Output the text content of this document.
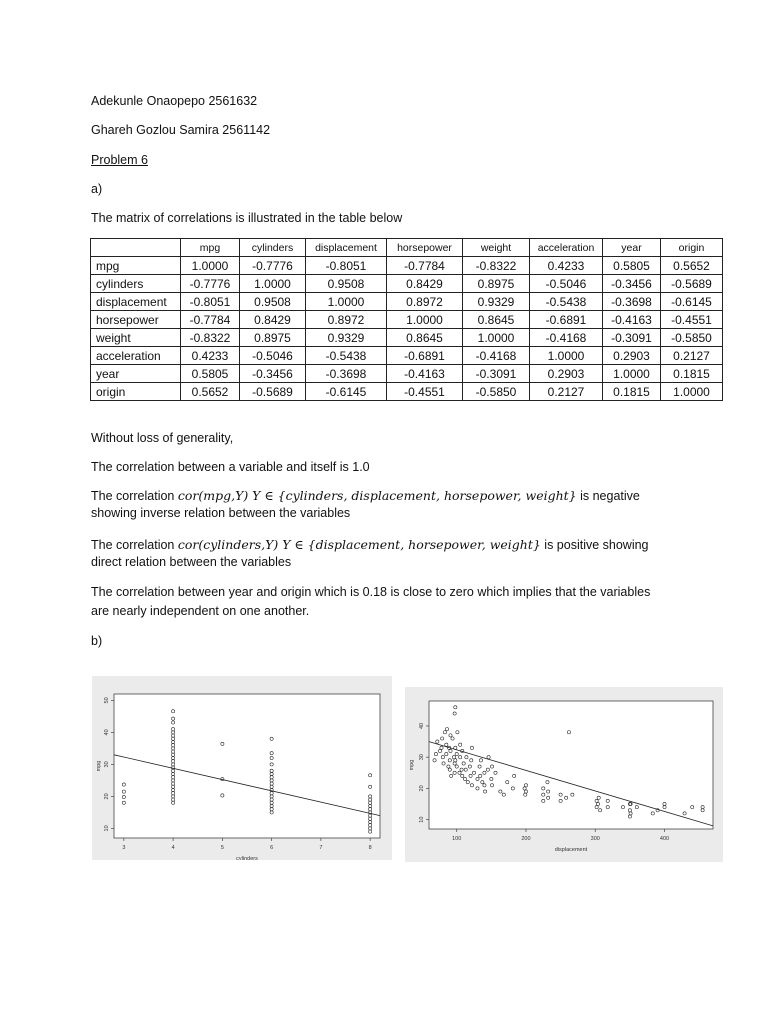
Adekunle Onaopepo 2561632
Ghareh Gozlou Samira 2561142
Problem 6
a)
The matrix of correlations is illustrated in the table below
	mpg	cylinders	displacement	horsepower	weight	acceleration	year	origin
mpg	1.0000	-0.7776	-0.8051	-0.7784	-0.8322	0.4233	0.5805	0.5652
cylinders	-0.7776	1.0000	0.9508	0.8429	0.8975	-0.5046	-0.3456	-0.5689
displacement	-0.8051	0.9508	1.0000	0.8972	0.9329	-0.5438	-0.3698	-0.6145
horsepower	-0.7784	0.8429	0.8972	1.0000	0.8645	-0.6891	-0.4163	-0.4551
weight	-0.8322	0.8975	0.9329	0.8645	1.0000	-0.4168	-0.3091	-0.5850
acceleration	0.4233	-0.5046	-0.5438	-0.6891	-0.4168	1.0000	0.2903	0.2127
year	0.5805	-0.3456	-0.3698	-0.4163	-0.3091	0.2903	1.0000	0.1815
origin	0.5652	-0.5689	-0.6145	-0.4551	-0.5850	0.2127	0.1815	1.0000
Without loss of generality,
The correlation between a variable and itself is 1.0
The correlation cor(mpg,Y) Y ∈ {cylinders, displacement, horsepower, weight} is negative
showing inverse relation between the variables
The correlation cor(cylinders,Y) Y ∈ {displacement, horsepower, weight} is positive showing
direct relation between the variables
The correlation between year and origin which is 0.18 is close to zero which implies that the variables
are nearly independent on one another.
b)
3	4	5	6	7	8
10
20
30
40
50
cylinders
mpg
100	200	300	400
10
20
30
40
displacement
mpg
